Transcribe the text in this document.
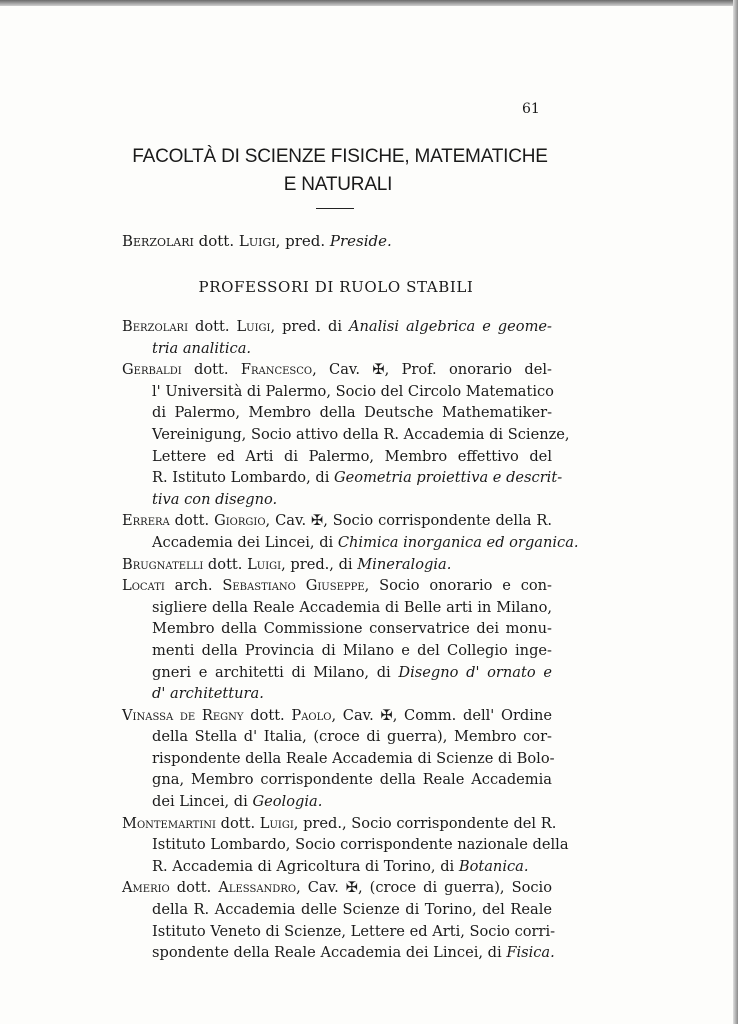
61
FACOLTÀ DI SCIENZE FISICHE, MATEMATICHE
E NATURALI
Berzolari dott. Luigi, pred. Preside.
PROFESSORI DI RUOLO STABILI
Berzolari dott. Luigi, pred. di Analisi algebrica e geome-
tria analitica.
Gerbaldi dott. Francesco, Cav. ✠, Prof. onorario del-
l' Università di Palermo, Socio del Circolo Matematico
di Palermo, Membro della Deutsche Mathematiker-
Vereinigung, Socio attivo della R. Accademia di Scienze,
Lettere ed Arti di Palermo, Membro effettivo del
R. Istituto Lombardo, di Geometria proiettiva e descrit-
tiva con disegno.
Errera dott. Giorgio, Cav. ✠, Socio corrispondente della R.
Accademia dei Lincei, di Chimica inorganica ed organica.
Brugnatelli dott. Luigi, pred., di Mineralogia.
Locati arch. Sebastiano Giuseppe, Socio onorario e con-
sigliere della Reale Accademia di Belle arti in Milano,
Membro della Commissione conservatrice dei monu-
menti della Provincia di Milano e del Collegio inge-
gneri e architetti di Milano, di Disegno d' ornato e
d' architettura.
Vinassa de Regny dott. Paolo, Cav. ✠, Comm. dell' Ordine
della Stella d' Italia, (croce di guerra), Membro cor-
rispondente della Reale Accademia di Scienze di Bolo-
gna, Membro corrispondente della Reale Accademia
dei Lincei, di Geologia.
Montemartini dott. Luigi, pred., Socio corrispondente del R.
Istituto Lombardo, Socio corrispondente nazionale della
R. Accademia di Agricoltura di Torino, di Botanica.
Amerio dott. Alessandro, Cav. ✠, (croce di guerra), Socio
della R. Accademia delle Scienze di Torino, del Reale
Istituto Veneto di Scienze, Lettere ed Arti, Socio corri-
spondente della Reale Accademia dei Lincei, di Fisica.
